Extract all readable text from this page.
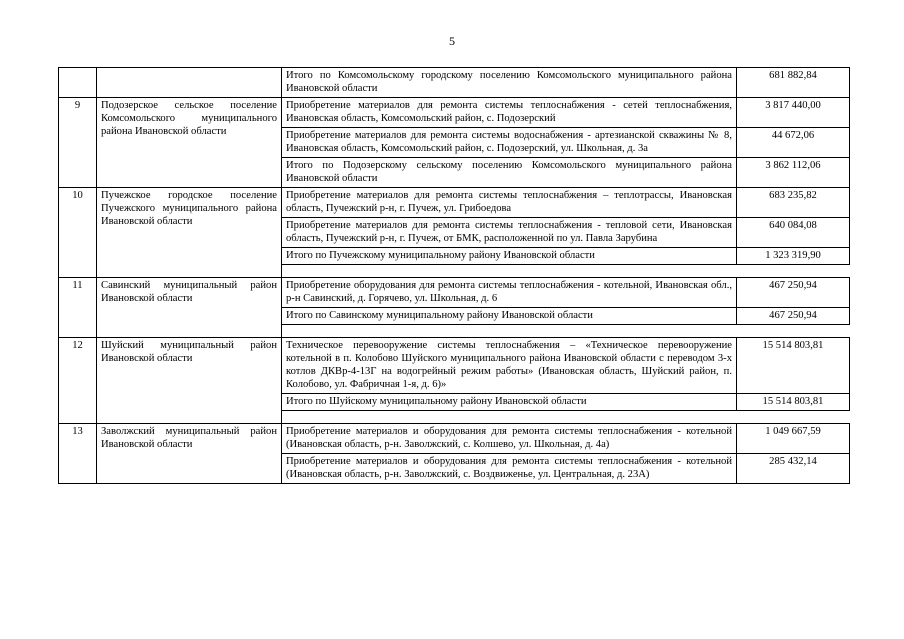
5
		Итого по Комсомольскому городскому поселению Комсомольского муниципального района Ивановской области	681 882,84
9	Подозерское сельское поселение Комсомольского муниципального района Ивановской области	Приобретение материалов для ремонта системы теплоснабжения - сетей теплоснабжения, Ивановская область, Комсомольский район, с. Подозерский	3 817 440,00
		Приобретение материалов для ремонта системы водоснабжения - артезианской скважины № 8, Ивановская область, Комсомольский район, с. Подозерский, ул. Школьная, д. 3а	44 672,06
		Итого по Подозерскому сельскому поселению Комсомольского муниципального района Ивановской области	3 862 112,06
10	Пучежское городское поселение Пучежского муниципального района Ивановской области	Приобретение материалов для ремонта системы теплоснабжения – теплотрассы, Ивановская область, Пучежский р-н, г. Пучеж, ул. Грибоедова	683 235,82
		Приобретение материалов для ремонта системы теплоснабжения - тепловой сети, Ивановская область, Пучежский р-н, г. Пучеж, от БМК, расположенной по ул. Павла Зарубина	640 084,08
		Итого по Пучежскому муниципальному району Ивановской области	1 323 319,90

11	Савинский муниципальный район Ивановской области	Приобретение оборудования для ремонта системы теплоснабжения - котельной, Ивановская обл., р-н Савинский, д. Горячево, ул. Школьная, д. 6	467 250,94
		Итого по Савинскому муниципальному району Ивановской области	467 250,94

12	Шуйский муниципальный район Ивановской области	Техническое перевооружение системы теплоснабжения – «Техническое перевооружение котельной в п. Колобово Шуйского муниципального района Ивановской области с переводом 3-х котлов ДКВр-4-13Г на водогрейный режим работы» (Ивановская область, Шуйский район, п. Колобово, ул. Фабричная 1-я, д. 6)»	15 514 803,81
		Итого по Шуйскому муниципальному району Ивановской области	15 514 803,81

13	Заволжский муниципальный район Ивановской области	Приобретение материалов и оборудования для ремонта системы теплоснабжения - котельной (Ивановская область, р-н. Заволжский, с. Колшево, ул. Школьная, д. 4а)	1 049 667,59
		Приобретение материалов и оборудования для ремонта системы теплоснабжения - котельной (Ивановская область, р-н. Заволжский, с. Воздвиженье, ул. Центральная, д. 23А)	285 432,14
